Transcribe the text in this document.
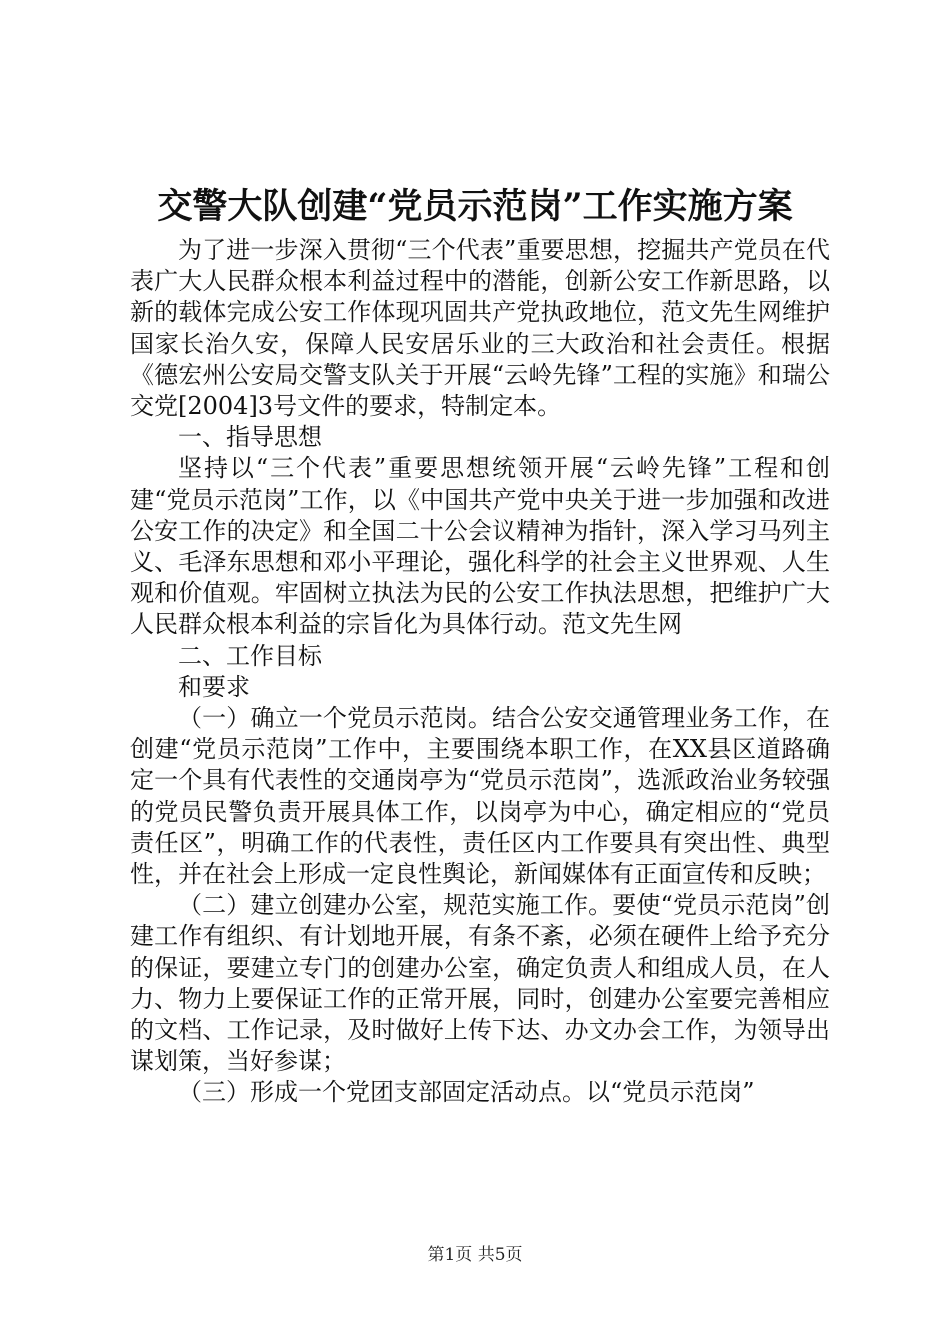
交警大队创建“党员示范岗”工作实施方案

为了进一步深入贯彻“三个代表”重要思想，挖掘共产党员在代表广大人民群众根本利益过程中的潜能，创新公安工作新思路，以新的载体完成公安工作体现巩固共产党执政地位，范文先生网维护国家长治久安，保障人民安居乐业的三大政治和社会责任。根据《德宏州公安局交警支队关于开展“云岭先锋”工程的实施》和瑞公交党[2004]3号文件的要求，特制定本。

一、指导思想

坚持以“三个代表”重要思想统领开展“云岭先锋”工程和创建“党员示范岗”工作，以《中国共产党中央关于进一步加强和改进公安工作的决定》和全国二十公会议精神为指针，深入学习马列主义、毛泽东思想和邓小平理论，强化科学的社会主义世界观、人生观和价值观。牢固树立执法为民的公安工作执法思想，把维护广大人民群众根本利益的宗旨化为具体行动。范文先生网

二、工作目标

和要求

（一）确立一个党员示范岗。结合公安交通管理业务工作，在创建“党员示范岗”工作中，主要围绕本职工作，在XX县区道路确定一个具有代表性的交通岗亭为“党员示范岗”，选派政治业务较强的党员民警负责开展具体工作，以岗亭为中心，确定相应的“党员责任区”，明确工作的代表性，责任区内工作要具有突出性、典型性，并在社会上形成一定良性舆论，新闻媒体有正面宣传和反映；

（二）建立创建办公室，规范实施工作。要使“党员示范岗”创建工作有组织、有计划地开展，有条不紊，必须在硬件上给予充分的保证，要建立专门的创建办公室，确定负责人和组成人员，在人力、物力上要保证工作的正常开展，同时，创建办公室要完善相应的文档、工作记录，及时做好上传下达、办文办会工作，为领导出谋划策，当好参谋；

（三）形成一个党团支部固定活动点。以“党员示范岗”

第1页 共5页
